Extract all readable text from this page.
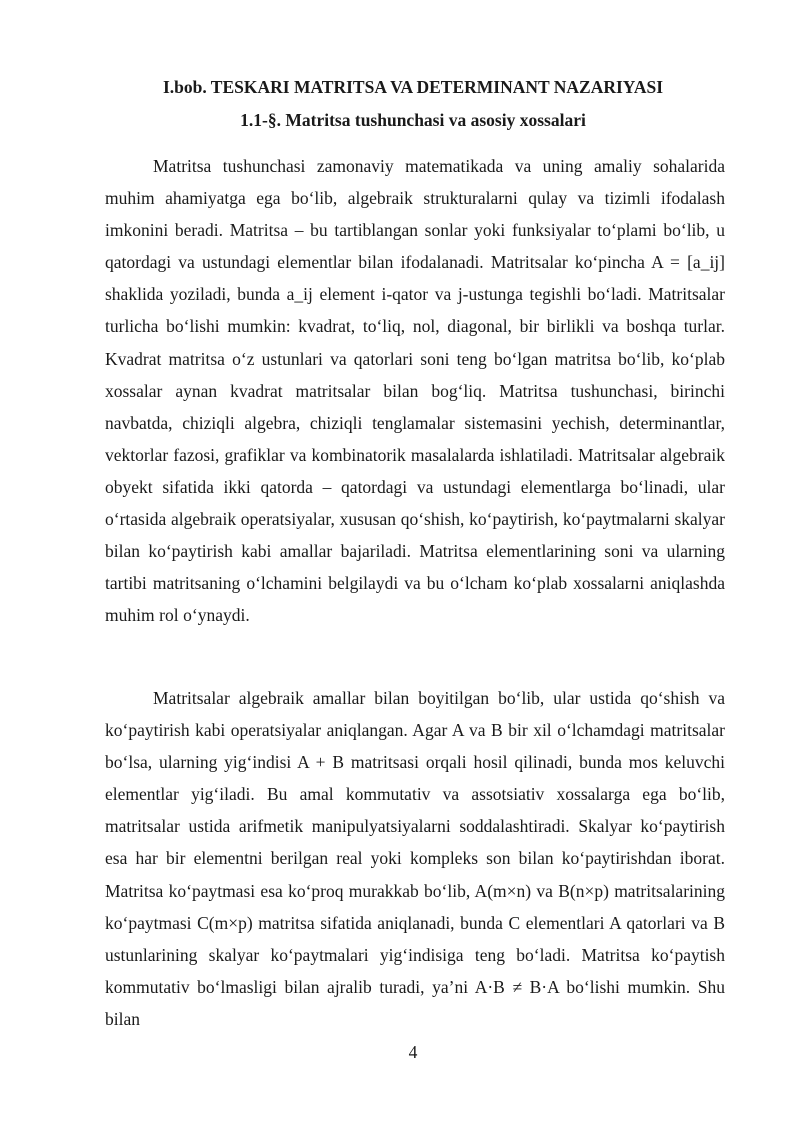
I.bob. TESKARI MATRITSA VA DETERMINANT NAZARIYASI
1.1-§. Matritsa tushunchasi va asosiy xossalari

Matritsa tushunchasi zamonaviy matematikada va uning amaliy sohalarida muhim ahamiyatga ega bo‘lib, algebraik strukturalarni qulay va tizimli ifodalash imkonini beradi. Matritsa – bu tartiblangan sonlar yoki funksiyalar to‘plami bo‘lib, u qatordagi va ustundagi elementlar bilan ifodalanadi. Matritsalar ko‘pincha A = [a_ij] shaklida yoziladi, bunda a_ij element i-qator va j-ustunga tegishli bo‘ladi. Matritsalar turlicha bo‘lishi mumkin: kvadrat, to‘liq, nol, diagonal, bir birlikli va boshqa turlar. Kvadrat matritsa o‘z ustunlari va qatorlari soni teng bo‘lgan matritsa bo‘lib, ko‘plab xossalar aynan kvadrat matritsalar bilan bog‘liq. Matritsa tushunchasi, birinchi navbatda, chiziqli algebra, chiziqli tenglamalar sistemasini yechish, determinantlar, vektorlar fazosi, grafiklar va kombinatorik masalalarda ishlatiladi. Matritsalar algebraik obyekt sifatida ikki qatorda – qatordagi va ustundagi elementlarga bo‘linadi, ular o‘rtasida algebraik operatsiyalar, xususan qo‘shish, ko‘paytirish, ko‘paytmalarni skalyar bilan ko‘paytirish kabi amallar bajariladi. Matritsa elementlarining soni va ularning tartibi matritsaning o‘lchamini belgilaydi va bu o‘lcham ko‘plab xossalarni aniqlashda muhim rol o‘ynaydi.

Matritsalar algebraik amallar bilan boyitilgan bo‘lib, ular ustida qo‘shish va ko‘paytirish kabi operatsiyalar aniqlangan. Agar A va B bir xil o‘lchamdagi matritsalar bo‘lsa, ularning yig‘indisi A + B matritsasi orqali hosil qilinadi, bunda mos keluvchi elementlar yig‘iladi. Bu amal kommutativ va assotsiativ xossalarga ega bo‘lib, matritsalar ustida arifmetik manipulyatsiyalarni soddalashtiradi. Skalyar ko‘paytirish esa har bir elementni berilgan real yoki kompleks son bilan ko‘paytirishdan iborat. Matritsa ko‘paytmasi esa ko‘proq murakkab bo‘lib, A(m×n) va B(n×p) matritsalarining ko‘paytmasi C(m×p) matritsa sifatida aniqlanadi, bunda C elementlari A qatorlari va B ustunlarining skalyar ko‘paytmalari yig‘indisiga teng bo‘ladi. Matritsa ko‘paytish kommutativ bo‘lmasligi bilan ajralib turadi, ya’ni A·B ≠ B·A bo‘lishi mumkin. Shu bilan

4
